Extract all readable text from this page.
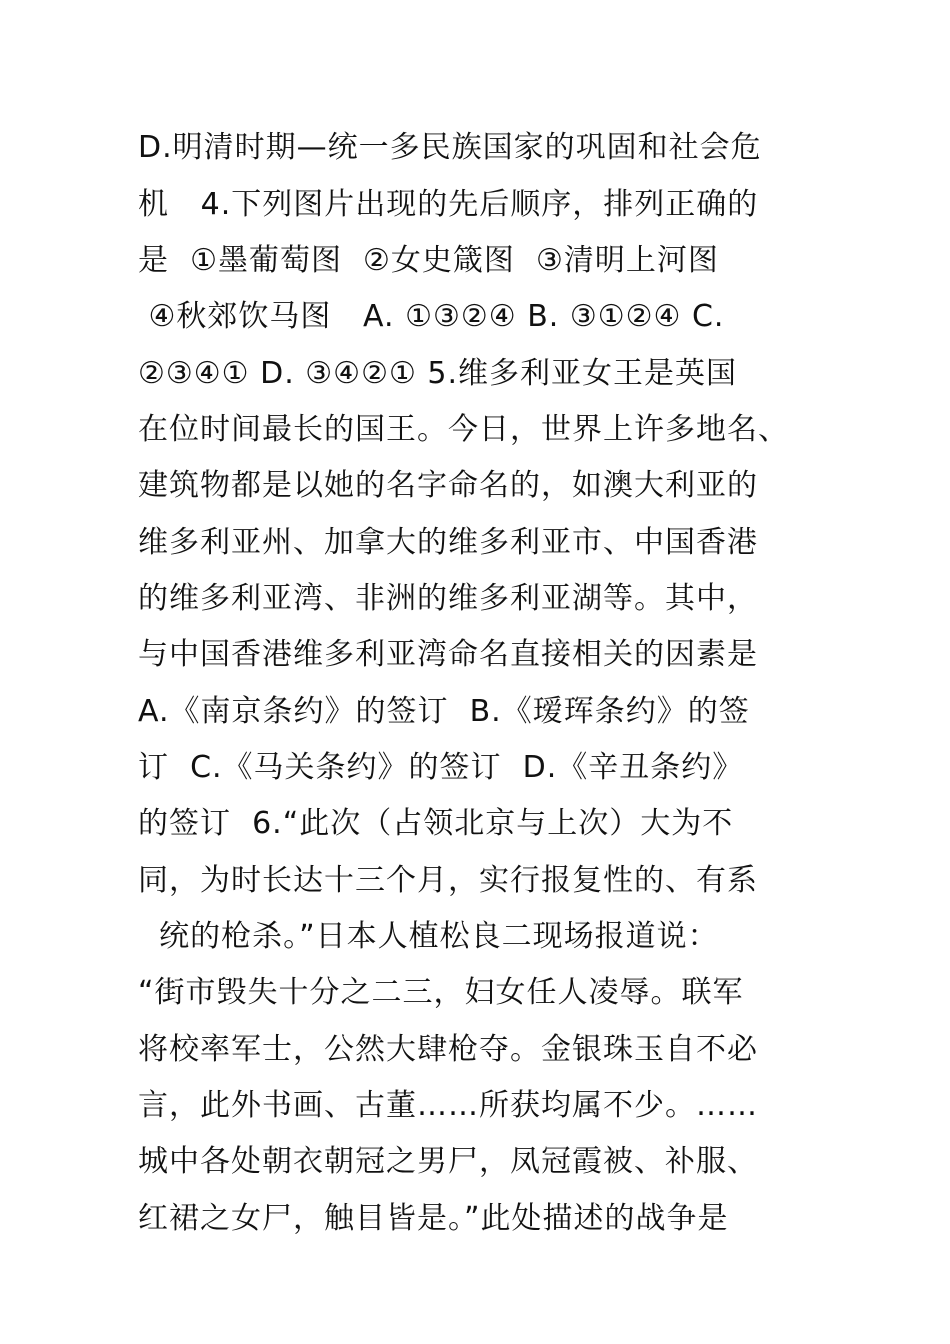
D.明清时期—统一多民族国家的巩固和社会危
机   4.下列图片出现的先后顺序，排列正确的
是  ①墨葡萄图  ②女史箴图  ③清明上河图
④秋郊饮马图   A. ①③②④ B. ③①②④ C.
②③④① D. ③④②① 5.维多利亚女王是英国
在位时间最长的国王。今日，世界上许多地名、
建筑物都是以她的名字命名的，如澳大利亚的
维多利亚州、加拿大的维多利亚市、中国香港
的维多利亚湾、非洲的维多利亚湖等。其中，
与中国香港维多利亚湾命名直接相关的因素是
A.《南京条约》的签订  B.《瑷珲条约》的签
订  C.《马关条约》的签订  D.《辛丑条约》
的签订  6.“此次（占领北京与上次）大为不
同，为时长达十三个月，实行报复性的、有系
统的枪杀。”日本人植松良二现场报道说：
“街市毁失十分之二三，妇女任人凌辱。联军
将校率军士，公然大肆枪夺。金银珠玉自不必
言，此外书画、古董……所获均属不少。……
城中各处朝衣朝冠之男尸，凤冠霞被、补服、
红裙之女尸，触目皆是。”此处描述的战争是
